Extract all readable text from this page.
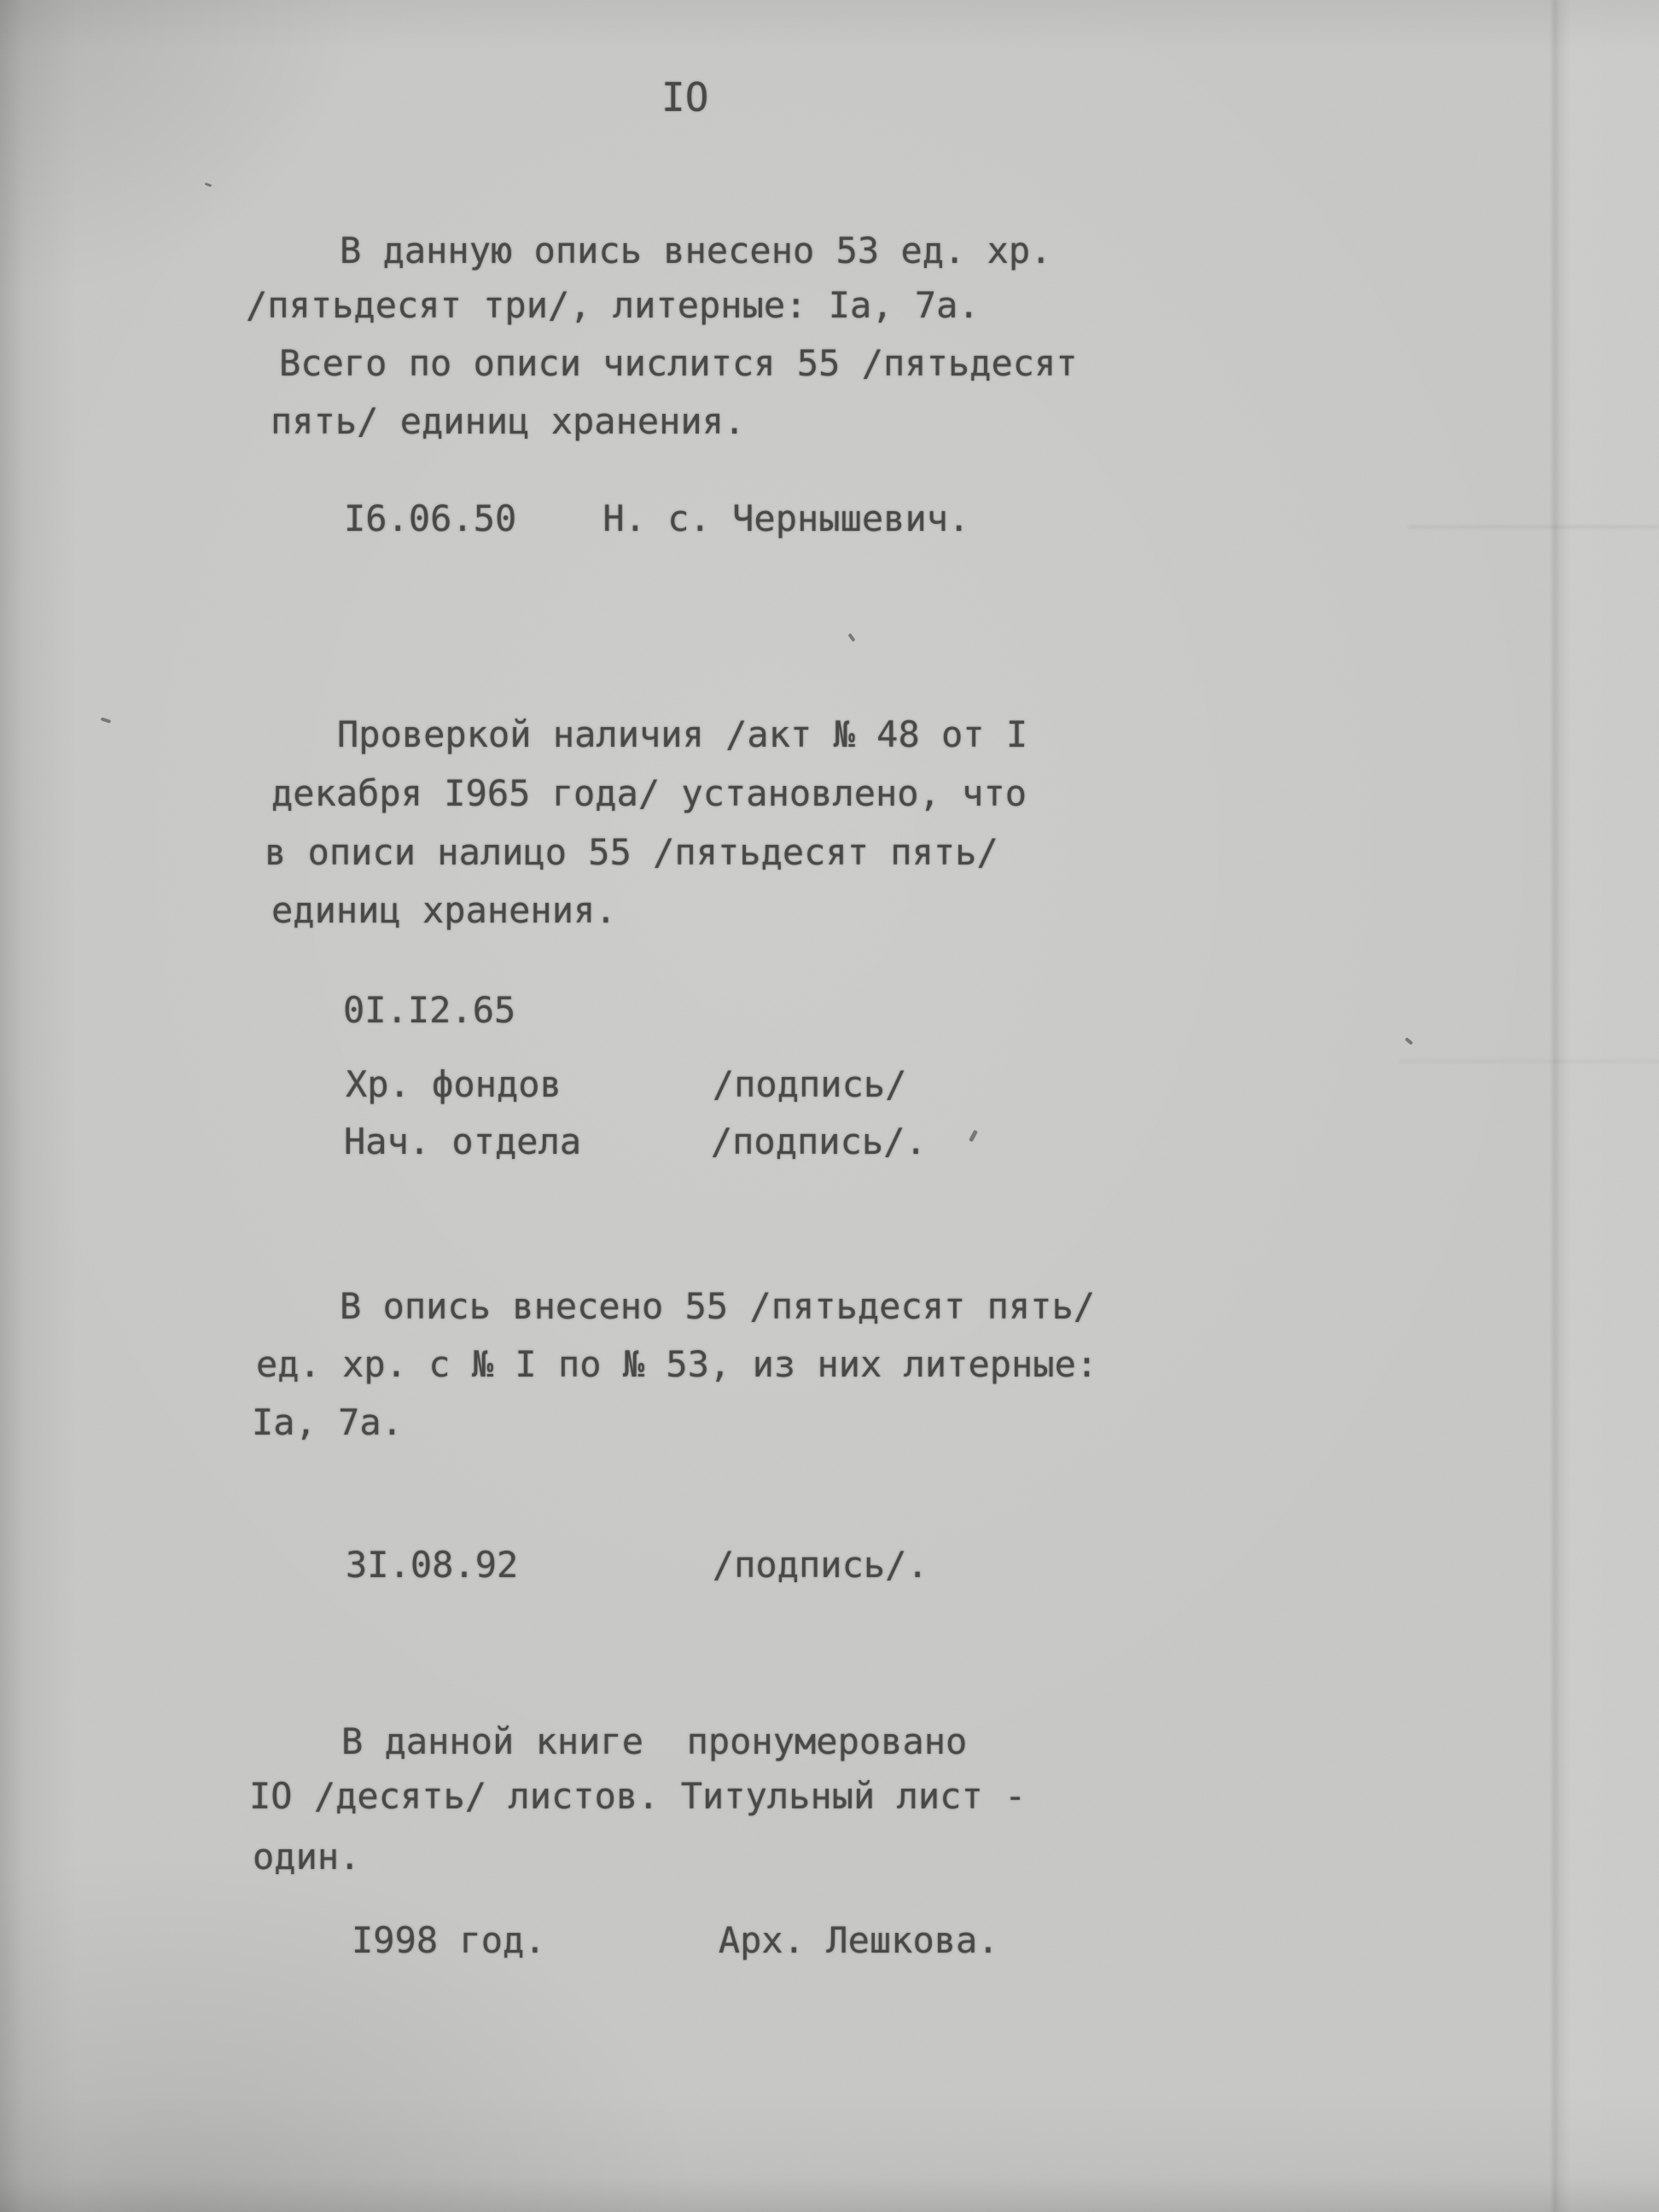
IO
В данную опись внесено 53 ед. хр.
/пятьдесят три/, литерные: Iа, 7а.
Всего по описи числится 55 /пятьдесят
пять/ единиц хранения.
I6.06.50    Н. с. Чернышевич.
Проверкой наличия /акт № 48 от I
декабря I965 года/ установлено, что
в описи налицо 55 /пятьдесят пять/
единиц хранения.
0I.I2.65
Хр. фондов       /подпись/
Нач. отдела      /подпись/.
В опись внесено 55 /пятьдесят пять/
ед. хр. с № I по № 53, из них литерные:
Iа, 7а.
3I.08.92         /подпись/.
В данной книге  пронумеровано
IO /десять/ листов. Титульный лист -
один.
I998 год.        Арх. Лешкова.
